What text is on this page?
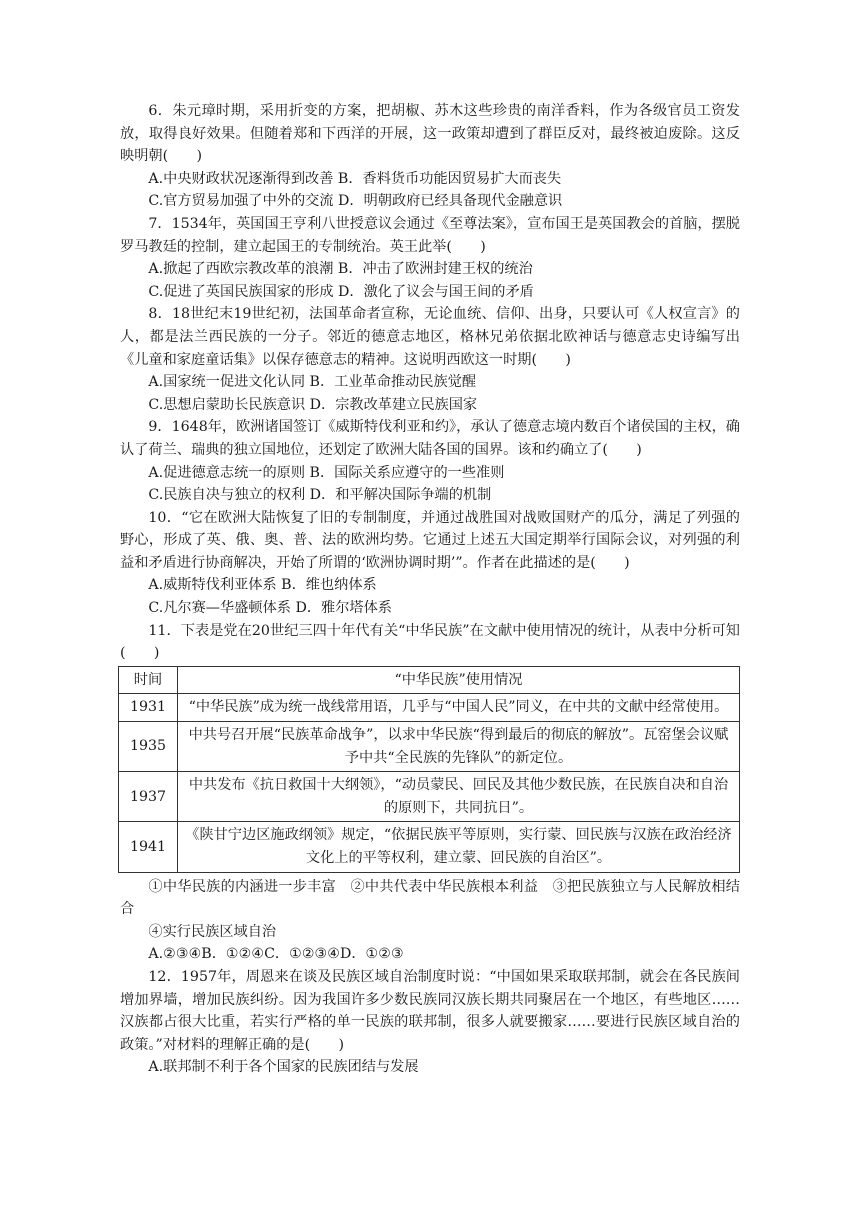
6．朱元璋时期，采用折变的方案，把胡椒、苏木这些珍贵的南洋香料，作为各级官员工资发放，取得良好效果。但随着郑和下西洋的开展，这一政策却遭到了群臣反对，最终被迫废除。这反映明朝(　　)

A.中央财政状况逐渐得到改善 B．香料货币功能因贸易扩大而丧失

C.官方贸易加强了中外的交流 D．明朝政府已经具备现代金融意识

7．1534年，英国国王亨利八世授意议会通过《至尊法案》，宣布国王是英国教会的首脑，摆脱罗马教廷的控制，建立起国王的专制统治。英王此举(　　)

A.掀起了西欧宗教改革的浪潮 B．冲击了欧洲封建王权的统治

C.促进了英国民族国家的形成 D．激化了议会与国王间的矛盾

8．18世纪末19世纪初，法国革命者宣称，无论血统、信仰、出身，只要认可《人权宣言》的人，都是法兰西民族的一分子。邻近的德意志地区，格林兄弟依据北欧神话与德意志史诗编写出《儿童和家庭童话集》以保存德意志的精神。这说明西欧这一时期(　　)

A.国家统一促进文化认同 B．工业革命推动民族觉醒

C.思想启蒙助长民族意识 D．宗教改革建立民族国家

9．1648年，欧洲诸国签订《威斯特伐利亚和约》，承认了德意志境内数百个诸侯国的主权，确认了荷兰、瑞典的独立国地位，还划定了欧洲大陆各国的国界。该和约确立了(　　)

A.促进德意志统一的原则 B．国际关系应遵守的一些准则

C.民族自决与独立的权利 D．和平解决国际争端的机制

10．“它在欧洲大陆恢复了旧的专制制度，并通过战胜国对战败国财产的瓜分，满足了列强的野心，形成了英、俄、奥、普、法的欧洲均势。它通过上述五大国定期举行国际会议，对列强的利益和矛盾进行协商解决，开始了所谓的‘欧洲协调时期’”。作者在此描述的是(　　)

A.威斯特伐利亚体系 B．维也纳体系

C.凡尔赛—华盛顿体系 D．雅尔塔体系

11．下表是党在20世纪三四十年代有关“中华民族”在文献中使用情况的统计，从表中分析可知(　　)

时间	“中华民族”使用情况
1931	“中华民族”成为统一战线常用语，几乎与“中国人民”同义，在中共的文献中经常使用。
1935	中共号召开展“民族革命战争”，以求中华民族“得到最后的彻底的解放”。瓦窑堡会议赋予中共“全民族的先锋队”的新定位。
1937	中共发布《抗日救国十大纲领》，“动员蒙民、回民及其他少数民族，在民族自决和自治的原则下，共同抗日”。
1941	《陕甘宁边区施政纲领》规定，“依据民族平等原则，实行蒙、回民族与汉族在政治经济文化上的平等权利，建立蒙、回民族的自治区”。

①中华民族的内涵进一步丰富　②中共代表中华民族根本利益　③把民族独立与人民解放相结合

④实行民族区域自治

A.②③④B．①②④C．①②③④D．①②③

12．1957年，周恩来在谈及民族区域自治制度时说：“中国如果采取联邦制，就会在各民族间增加界墙，增加民族纠纷。因为我国许多少数民族同汉族长期共同聚居在一个地区，有些地区……汉族都占很大比重，若实行严格的单一民族的联邦制，很多人就要搬家……要进行民族区域自治的政策。”对材料的理解正确的是(　　)

A.联邦制不利于各个国家的民族团结与发展
